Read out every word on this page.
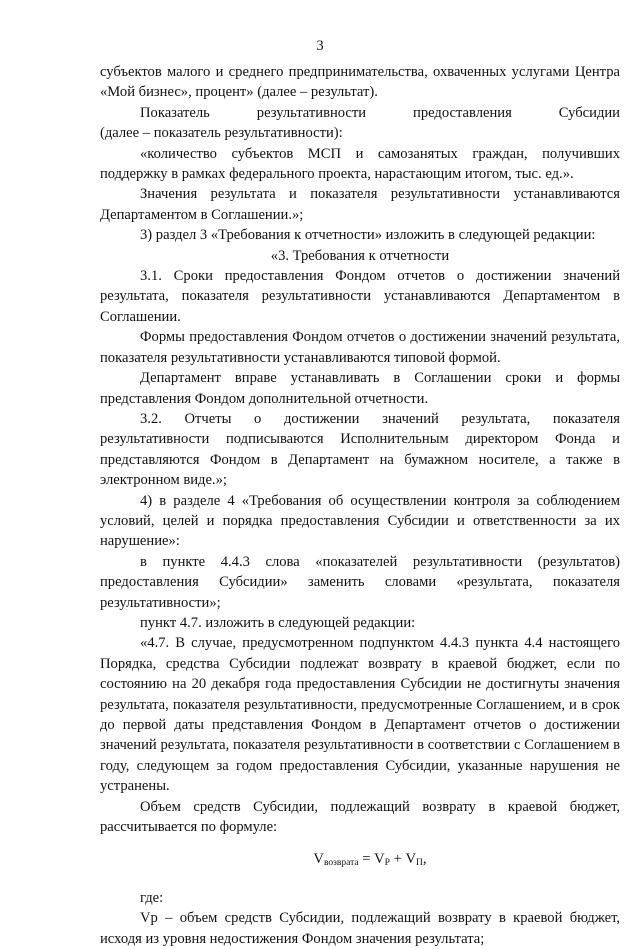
3

субъектов малого и среднего предпринимательства, охваченных услугами Центра «Мой бизнес», процент» (далее – результат).

Показатель результативности предоставления Субсидии

(далее – показатель результативности):

«количество субъектов МСП и самозанятых граждан, получивших поддержку в рамках федерального проекта, нарастающим итогом, тыс. ед.».

Значения результата и показателя результативности устанавливаются Департаментом в Соглашении.»;

3) раздел 3 «Требования к отчетности» изложить в следующей редакции:

«3. Требования к отчетности

3.1. Сроки предоставления Фондом отчетов о достижении значений результата, показателя результативности устанавливаются Департаментом в Соглашении.

Формы предоставления Фондом отчетов о достижении значений результата, показателя результативности устанавливаются типовой формой.

Департамент вправе устанавливать в Соглашении сроки и формы представления Фондом дополнительной отчетности.

3.2. Отчеты о достижении значений результата, показателя

результативности подписываются Исполнительным директором Фонда и представляются Фондом в Департамент на бумажном носителе, а также в электронном виде.»;

4) в разделе 4 «Требования об осуществлении контроля за соблюдением условий, целей и порядка предоставления Субсидии и ответственности за их нарушение»:

в пункте 4.4.3 слова «показателей результативности (результатов) предоставления Субсидии» заменить словами «результата, показателя результативности»;

пункт 4.7. изложить в следующей редакции:

«4.7. В случае, предусмотренном подпунктом 4.4.3 пункта 4.4 настоящего Порядка, средства Субсидии подлежат возврату в краевой бюджет, если по состоянию на 20 декабря года предоставления Субсидии не достигнуты значения результата, показателя результативности, предусмотренные Соглашением, и в срок до первой даты представления Фондом в Департамент отчетов о достижении значений результата, показателя результативности в соответствии с Соглашением в году, следующем за годом предоставления Субсидии, указанные нарушения не устранены.

Объем средств Субсидии, подлежащий возврату в краевой бюджет, рассчитывается по формуле:

$V_{возврата} = V_Р + V_П$,

где:

Vр – объем средств Субсидии, подлежащий возврату в краевой бюджет, исходя из уровня недостижения Фондом значения результата;
